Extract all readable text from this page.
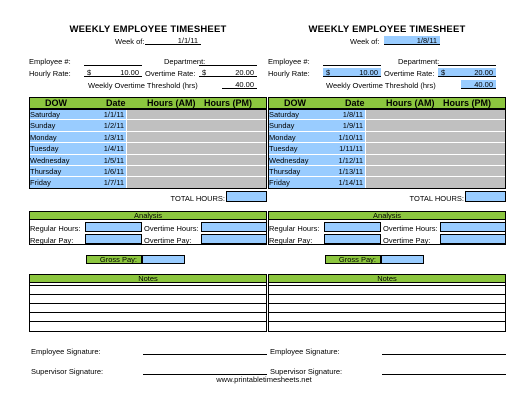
WEEKLY EMPLOYEE TIMESHEET
Week of:	1/1/11
Employee #:	Department:
Hourly Rate: $	10.00 Overtime Rate: $	20.00
Weekly Overtime Threshold (hrs)	40.00
DOW	Date Hours (AM) Hours (PM)
Saturday	1/1/11
Sunday	1/2/11
Monday	1/3/11
Tuesday	1/4/11
Wednesday	1/5/11
Thursday	1/6/11
Friday	1/7/11
TOTAL HOURS:
Analysis
Regular Hours:	Overtime Hours:
Regular Pay:	Overtime Pay:
Gross Pay:
Notes
Employee Signature:
Supervisor Signature:
WEEKLY EMPLOYEE TIMESHEET
Week of:	1/8/11
Employee #:	Department:
Hourly Rate: $	10.00 Overtime Rate: $	20.00
Weekly Overtime Threshold (hrs)	40.00
DOW	Date Hours (AM) Hours (PM)
Saturday	1/8/11
Sunday	1/9/11
Monday	1/10/11
Tuesday	1/11/11
Wednesday	1/12/11
Thursday	1/13/11
Friday	1/14/11
TOTAL HOURS:
Analysis
Regular Hours:	Overtime Hours:
Regular Pay:	Overtime Pay:
Gross Pay:
Notes
Employee Signature:
Supervisor Signature:
www.printabletimesheets.net
